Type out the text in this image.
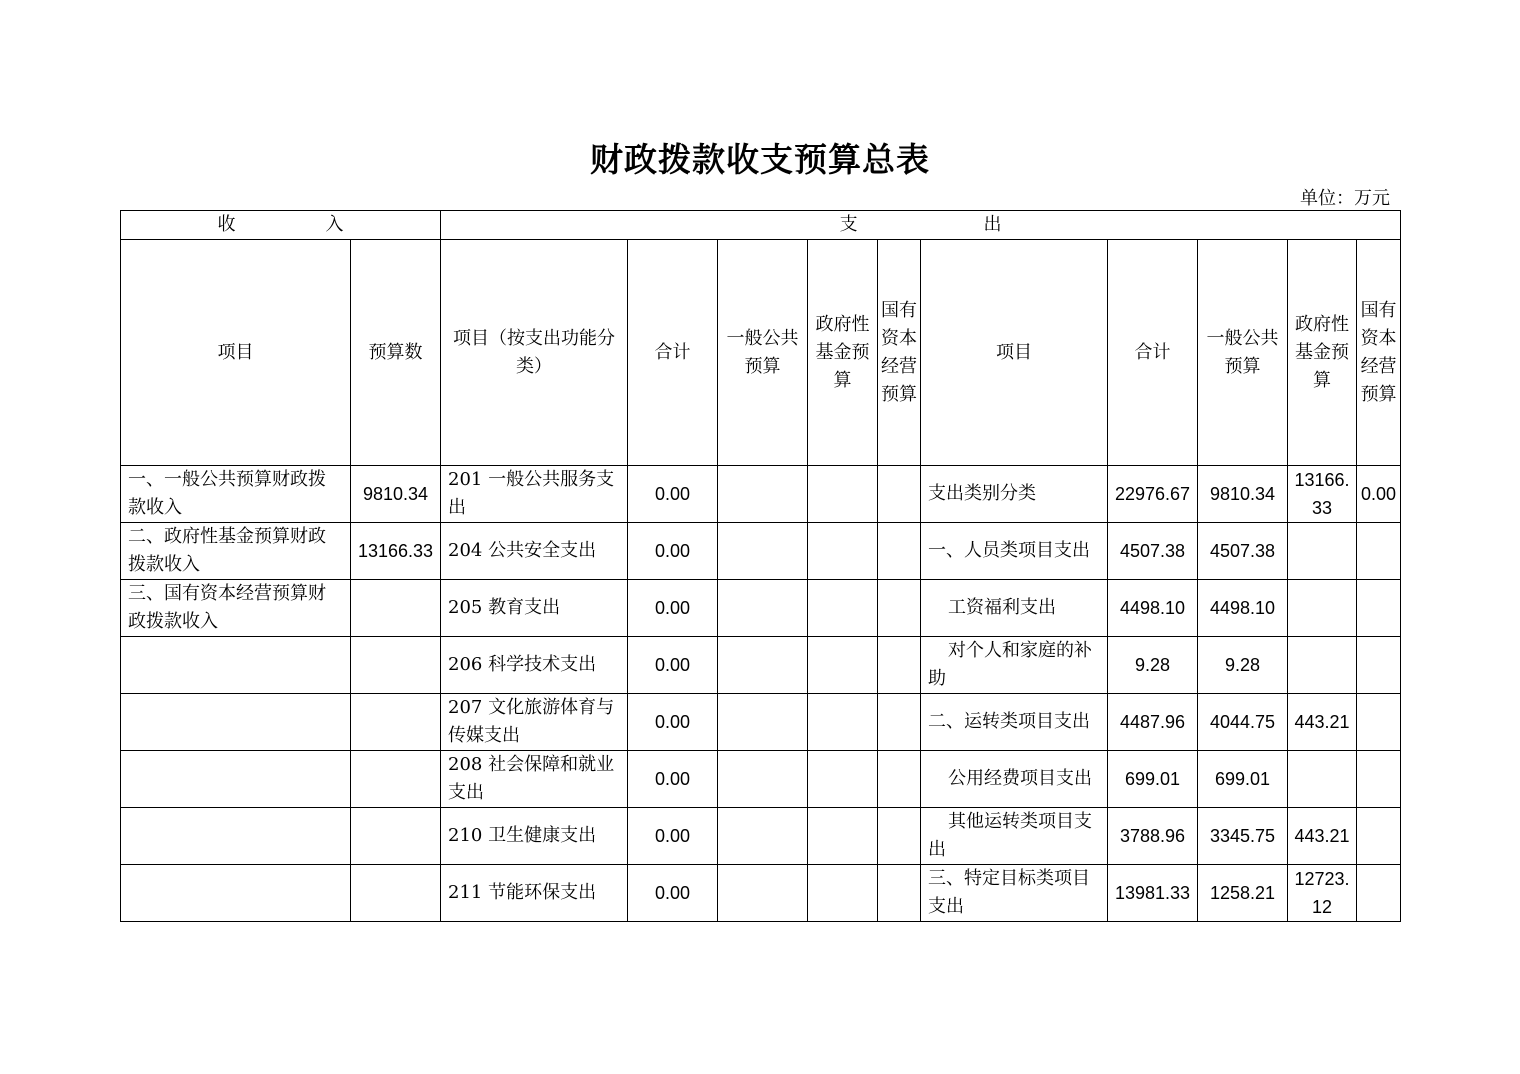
财政拨款收支预算总表
单位：万元
收　　　　　入		支　　　　　　　出									
项目	预算数	项目（按支出功能分类）	合计	一般公共预算	政府性基金预算	国有资本经营预算	项目	合计	一般公共预算	政府性基金预算	国有资本经营预算
一、一般公共预算财政拨款收入	9810.34	201 一般公共服务支出	0.00				支出类别分类	22976.67	9810.34	13166.33	0.00
二、政府性基金预算财政拨款收入	13166.33	204 公共安全支出	0.00				一、人员类项目支出	4507.38	4507.38		
三、国有资本经营预算财政拨款收入		205 教育支出	0.00				工资福利支出	4498.10	4498.10		
		206 科学技术支出	0.00				对个人和家庭的补助	9.28	9.28		
		207 文化旅游体育与传媒支出	0.00				二、运转类项目支出	4487.96	4044.75	443.21	
		208 社会保障和就业支出	0.00				公用经费项目支出	699.01	699.01		
		210 卫生健康支出	0.00				其他运转类项目支出	3788.96	3345.75	443.21	
		211 节能环保支出	0.00				三、特定目标类项目支出	13981.33	1258.21	12723.12	
